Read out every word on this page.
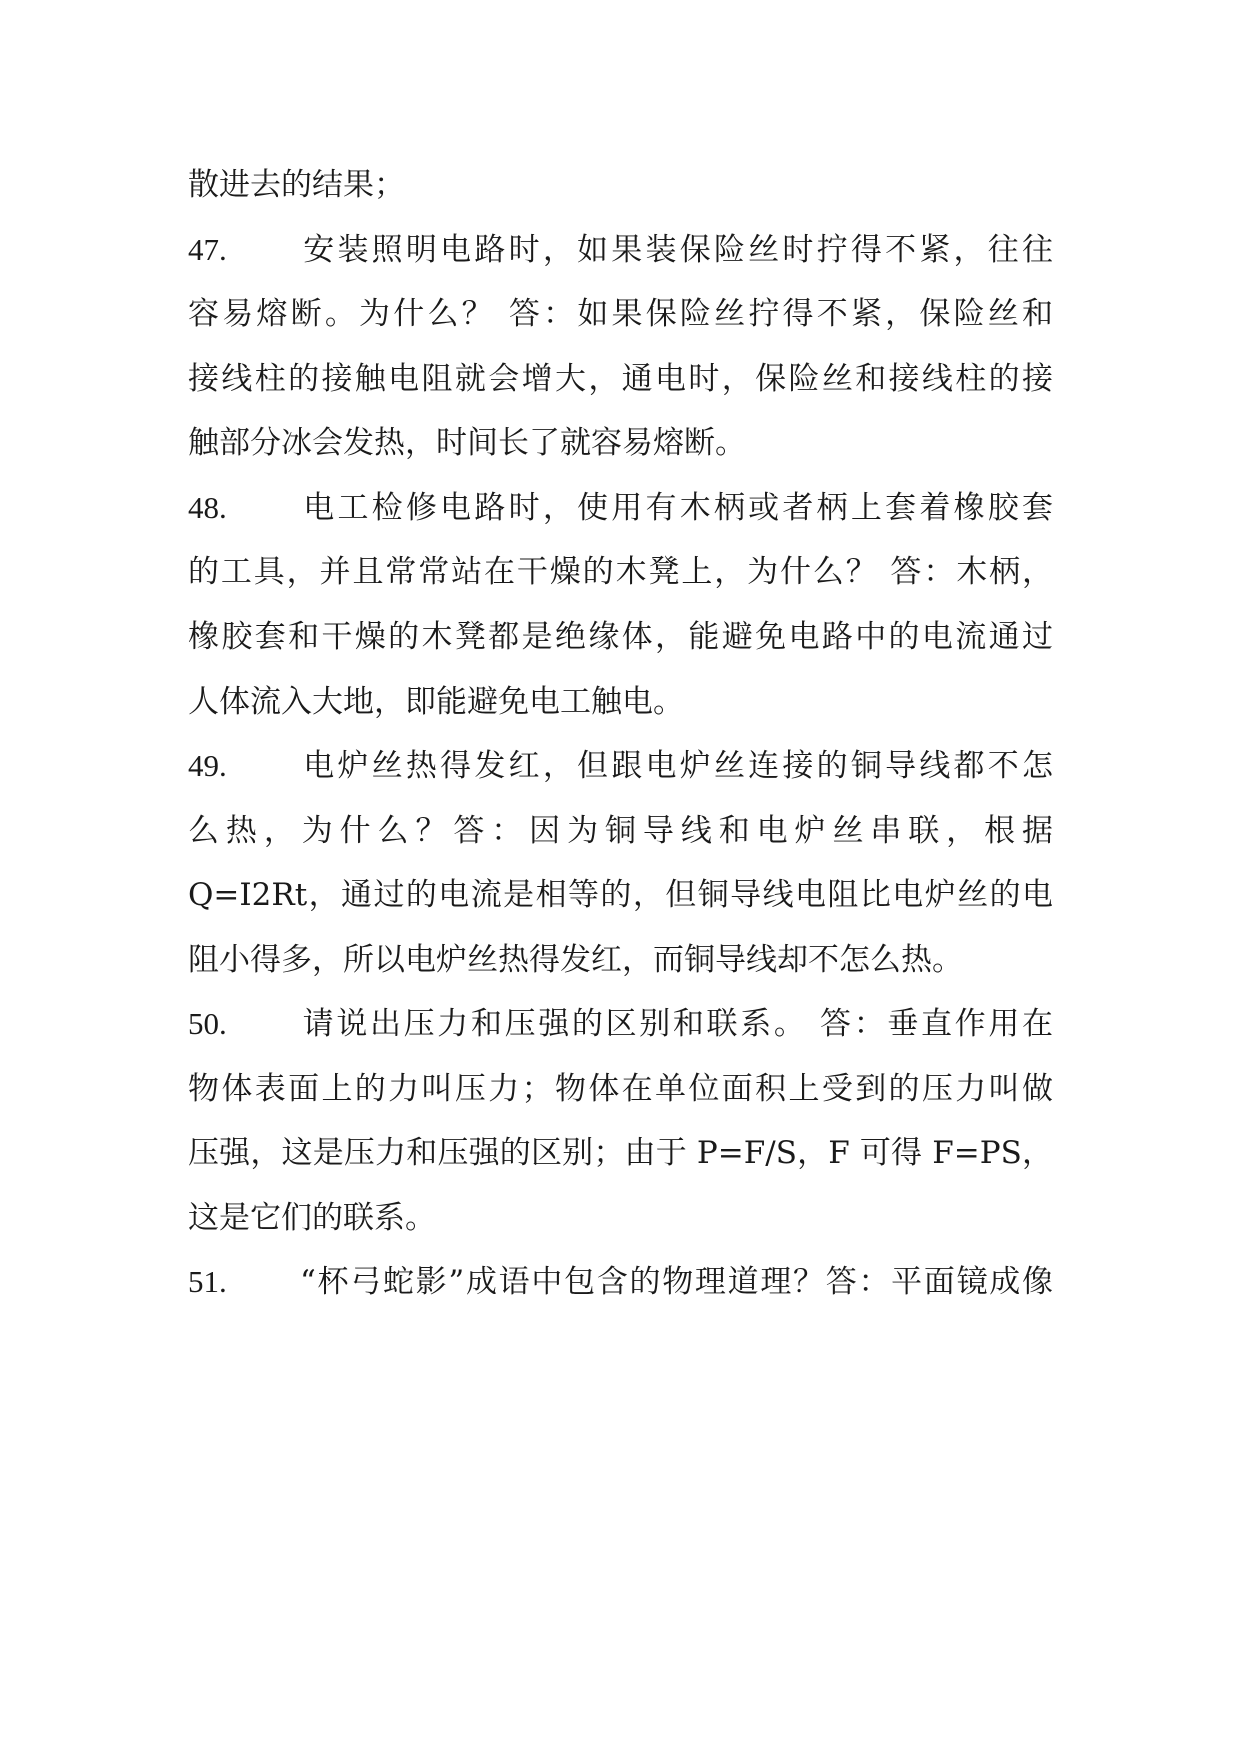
散进去的结果；
47. 安装照明电路时，如果装保险丝时拧得不紧，往往
容易熔断。为什么？ 答：如果保险丝拧得不紧，保险丝和
接线柱的接触电阻就会增大，通电时，保险丝和接线柱的接
触部分冰会发热，时间长了就容易熔断。
48. 电工检修电路时，使用有木柄或者柄上套着橡胶套
的工具，并且常常站在干燥的木凳上，为什么？ 答：木柄，
橡胶套和干燥的木凳都是绝缘体，能避免电路中的电流通过
人体流入大地，即能避免电工触电。
49. 电炉丝热得发红，但跟电炉丝连接的铜导线都不怎
么热，为什么？答：因为铜导线和电炉丝串联，根据
Q=I2Rt，通过的电流是相等的，但铜导线电阻比电炉丝的电
阻小得多，所以电炉丝热得发红，而铜导线却不怎么热。
50. 请说出压力和压强的区别和联系。 答：垂直作用在
物体表面上的力叫压力；物体在单位面积上受到的压力叫做
压强，这是压力和压强的区别；由于 P=F/S，F 可得 F=PS，
这是它们的联系。
51. “杯弓蛇影”成语中包含的物理道理？答：平面镜成像
